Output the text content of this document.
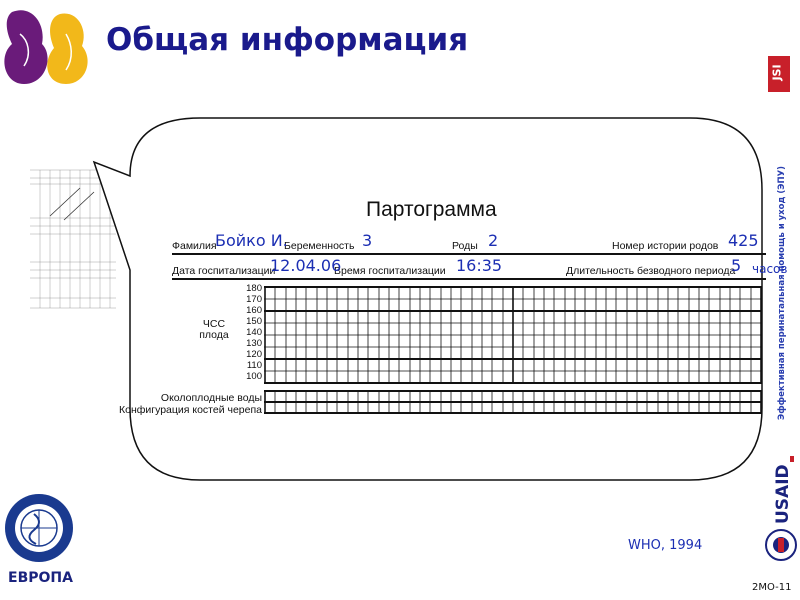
Общая информация
JSI
Эффективная перинатальная помощь и уход (ЭПУ)
Партограмма
Фамилия	Беременность	Роды	Номер истории родов
Дата госпитализации	Время госпитализации	Длительность безводного периода
Бойко И.	3	2	425
12.04.06	16:35	5 часов
ЧСС
плода
180
170
160
150
140
130
120
110
100
Околоплодные воды
Конфигурация костей черепа
WHO, 1994
USAID
ЕВРОПА
2MO-11
